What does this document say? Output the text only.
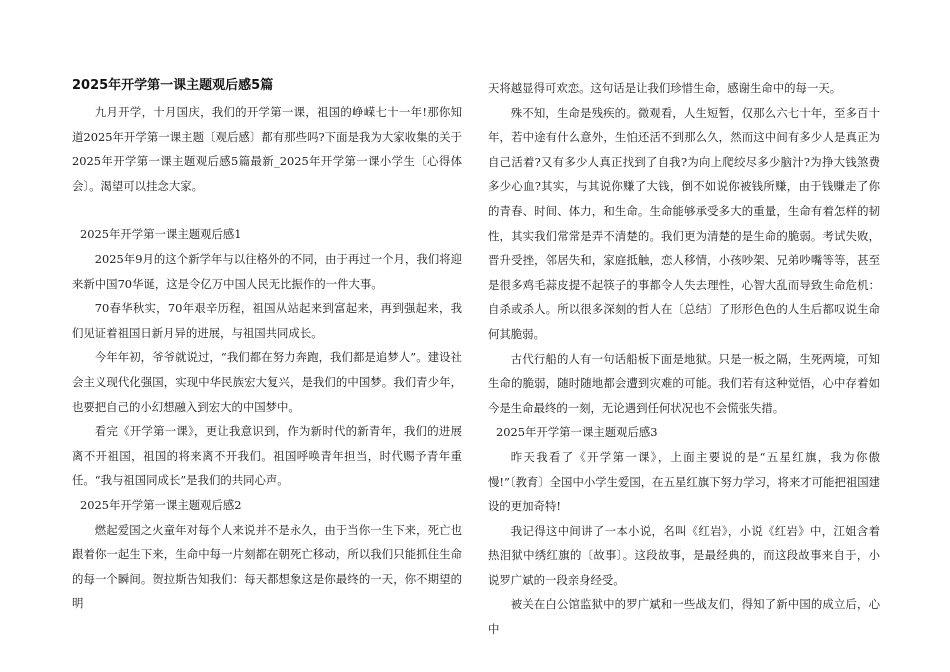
2025年开学第一课主题观后感5篇

九月开学，十月国庆，我们的开学第一课，祖国的峥嵘七十一年!那你知道2025年开学第一课主题〔观后感〕都有那些吗?下面是我为大家收集的关于2025年开学第一课主题观后感5篇最新_2025年开学第一课小学生〔心得体会〕。渴望可以挂念大家。

2025年开学第一课主题观后感1

2025年9月的这个新学年与以往格外的不同，由于再过一个月，我们将迎来新中国70华诞，这是令亿万中国人民无比振作的一件大事。

70春华秋实，70年艰辛历程，祖国从站起来到富起来，再到强起来，我们见证着祖国日新月异的进展，与祖国共同成长。

今年年初，爷爷就说过，“我们都在努力奔跑，我们都是追梦人”。建设社会主义现代化强国，实现中华民族宏大复兴，是我们的中国梦。我们青少年，也要把自己的小幻想融入到宏大的中国梦中。

看完《开学第一课》，更让我意识到，作为新时代的新青年，我们的进展离不开祖国，祖国的将来离不开我们。祖国呼唤青年担当，时代赐予青年重任。“我与祖国同成长”是我们的共同心声。

2025年开学第一课主题观后感2

燃起爱国之火童年对每个人来说并不是永久，由于当你一生下来，死亡也跟着你一起生下来，生命中每一片刻都在朝死亡移动，所以我们只能抓住生命的每一个瞬间。贺拉斯告知我们：每天都想象这是你最终的一天，你不期望的明

天将越显得可欢恋。这句话是让我们珍惜生命，感谢生命中的每一天。

殊不知，生命是残疾的。微观看，人生短暂，仅那么六七十年，至多百十年，若中途有什么意外，生怕还活不到那么久，然而这中间有多少人是真正为自己活着?又有多少人真正找到了自我?为向上爬绞尽多少脑汁?为挣大钱煞费多少心血?其实，与其说你赚了大钱，倒不如说你被钱所赚，由于钱赚走了你的青春、时间、体力，和生命。生命能够承受多大的重量，生命有着怎样的韧性，其实我们常常是弄不清楚的。我们更为清楚的是生命的脆弱。考试失败，晋升受挫，邻居失和，家庭抵触，恋人移情，小孩吵架、兄弟吵嘴等等，甚至是很多鸡毛蒜皮提不起筷子的事都令人失去理性，心智大乱而导致生命危机：自杀或杀人。所以很多深刻的哲人在〔总结〕了形形色色的人生后都叹说生命何其脆弱。

古代行船的人有一句话船板下面是地狱。只是一板之隔，生死两境，可知生命的脆弱，随时随地都会遭到灾难的可能。我们若有这种觉悟，心中存着如今是生命最终的一刻，无论遇到任何状况也不会慌张失措。

2025年开学第一课主题观后感3

昨天我看了《开学第一课》，上面主要说的是“五星红旗，我为你傲慢!”〔教育〕全国中小学生爱国，在五星红旗下努力学习，将来才可能把祖国建设的更加奇特!

我记得这中间讲了一本小说，名叫《红岩》，小说《红岩》中，江姐含着热泪狱中绣红旗的〔故事〕。这段故事，是最经典的，而这段故事来自于，小说罗广斌的一段亲身经受。

被关在白公馆监狱中的罗广斌和一些战友们，得知了新中国的成立后，心中
